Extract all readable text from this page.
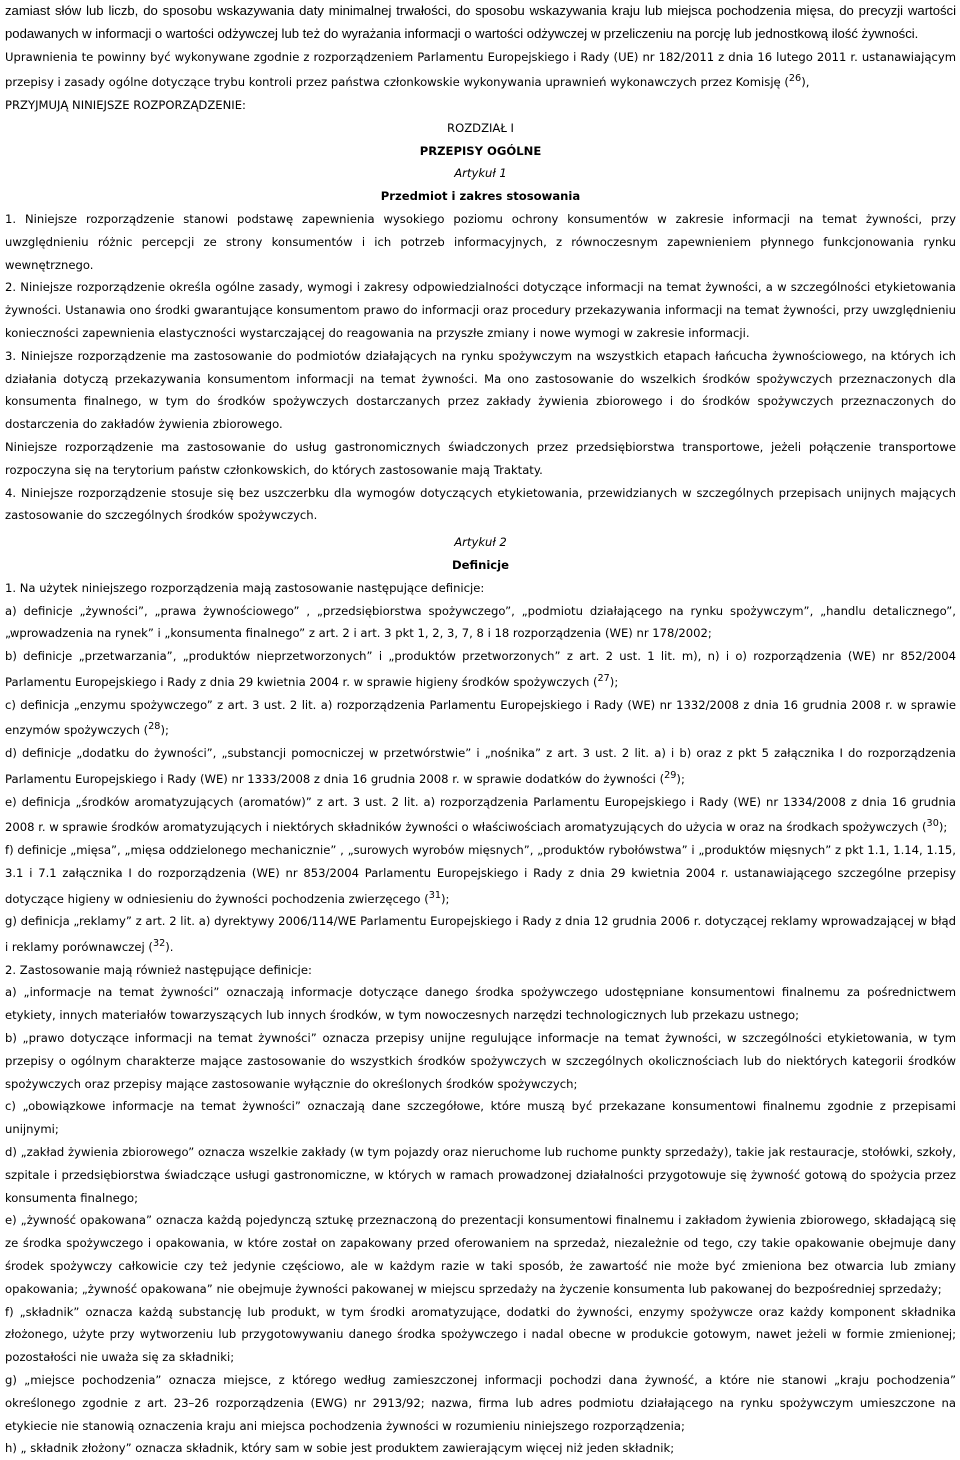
zamiast słów lub liczb, do sposobu wskazywania daty minimalnej trwałości, do sposobu wskazywania kraju lub miejsca pochodzenia mięsa, do precyzji wartości podawanych w informacji o wartości odżywczej lub też do wyrażania informacji o wartości odżywczej w przeliczeniu na porcję lub jednostkową ilość żywności.

Uprawnienia te powinny być wykonywane zgodnie z rozporządzeniem Parlamentu Europejskiego i Rady (UE) nr 182/2011 z dnia 16 lutego 2011 r. ustanawiającym przepisy i zasady ogólne dotyczące trybu kontroli przez państwa członkowskie wykonywania uprawnień wykonawczych przez Komisję ($^{26}$),

PRZYJMUJĄ NINIEJSZE ROZPORZĄDZENIE:

ROZDZIAŁ I

PRZEPISY OGÓLNE

Artykuł 1

Przedmiot i zakres stosowania

1. Niniejsze rozporządzenie stanowi podstawę zapewnienia wysokiego poziomu ochrony konsumentów w zakresie informacji na temat żywności, przy uwzględnieniu różnic percepcji ze strony konsumentów i ich potrzeb informacyjnych, z równoczesnym zapewnieniem płynnego funkcjonowania rynku wewnętrznego.

2. Niniejsze rozporządzenie określa ogólne zasady, wymogi i zakresy odpowiedzialności dotyczące informacji na temat żywności, a w szczególności etykietowania żywności. Ustanawia ono środki gwarantujące konsumentom prawo do informacji oraz procedury przekazywania informacji na temat żywności, przy uwzględnieniu konieczności zapewnienia elastyczności wystarczającej do reagowania na przyszłe zmiany i nowe wymogi w zakresie informacji.

3. Niniejsze rozporządzenie ma zastosowanie do podmiotów działających na rynku spożywczym na wszystkich etapach łańcucha żywnościowego, na których ich działania dotyczą przekazywania konsumentom informacji na temat żywności. Ma ono zastosowanie do wszelkich środków spożywczych przeznaczonych dla konsumenta finalnego, w tym do środków spożywczych dostarczanych przez zakłady żywienia zbiorowego i do środków spożywczych przeznaczonych do dostarczenia do zakładów żywienia zbiorowego.

Niniejsze rozporządzenie ma zastosowanie do usług gastronomicznych świadczonych przez przedsiębiorstwa transportowe, jeżeli połączenie transportowe rozpoczyna się na terytorium państw członkowskich, do których zastosowanie mają Traktaty.

4. Niniejsze rozporządzenie stosuje się bez uszczerbku dla wymogów dotyczących etykietowania, przewidzianych w szczególnych przepisach unijnych mających zastosowanie do szczególnych środków spożywczych.

Artykuł 2

Definicje

1. Na użytek niniejszego rozporządzenia mają zastosowanie następujące definicje:

a) definicje „żywności”, „prawa żywnościowego” , „przedsiębiorstwa spożywczego”, „podmiotu działającego na rynku spożywczym”, „handlu detalicznego”, „wprowadzenia na rynek” i „konsumenta finalnego” z art. 2 i art. 3 pkt 1, 2, 3, 7, 8 i 18 rozporządzenia (WE) nr 178/2002;

b) definicje „przetwarzania”, „produktów nieprzetworzonych” i „produktów przetworzonych” z art. 2 ust. 1 lit. m), n) i o) rozporządzenia (WE) nr 852/2004 Parlamentu Europejskiego i Rady z dnia 29 kwietnia 2004 r. w sprawie higieny środków spożywczych ($^{27}$);

c) definicja „enzymu spożywczego” z art. 3 ust. 2 lit. a) rozporządzenia Parlamentu Europejskiego i Rady (WE) nr 1332/2008 z dnia 16 grudnia 2008 r. w sprawie enzymów spożywczych ($^{28}$);

d) definicje „dodatku do żywności”, „substancji pomocniczej w przetwórstwie” i „nośnika” z art. 3 ust. 2 lit. a) i b) oraz z pkt 5 załącznika I do rozporządzenia Parlamentu Europejskiego i Rady (WE) nr 1333/2008 z dnia 16 grudnia 2008 r. w sprawie dodatków do żywności ($^{29}$);

e) definicja „środków aromatyzujących (aromatów)” z art. 3 ust. 2 lit. a) rozporządzenia Parlamentu Europejskiego i Rady (WE) nr 1334/2008 z dnia 16 grudnia 2008 r. w sprawie środków aromatyzujących i niektórych składników żywności o właściwościach aromatyzujących do użycia w oraz na środkach spożywczych ($^{30}$);

f) definicje „mięsa”, „mięsa oddzielonego mechanicznie” , „surowych wyrobów mięsnych”, „produktów rybołówstwa” i „produktów mięsnych” z pkt 1.1, 1.14, 1.15, 3.1 i 7.1 załącznika I do rozporządzenia (WE) nr 853/2004 Parlamentu Europejskiego i Rady z dnia 29 kwietnia 2004 r. ustanawiającego szczególne przepisy dotyczące higieny w odniesieniu do żywności pochodzenia zwierzęcego ($^{31}$);

g) definicja „reklamy” z art. 2 lit. a) dyrektywy 2006/114/WE Parlamentu Europejskiego i Rady z dnia 12 grudnia 2006 r. dotyczącej reklamy wprowadzającej w błąd i reklamy porównawczej ($^{32}$).

2. Zastosowanie mają również następujące definicje:

a) „informacje na temat żywności” oznaczają informacje dotyczące danego środka spożywczego udostępniane konsumentowi finalnemu za pośrednictwem etykiety, innych materiałów towarzyszących lub innych środków, w tym nowoczesnych narzędzi technologicznych lub przekazu ustnego;

b) „prawo dotyczące informacji na temat żywności” oznacza przepisy unijne regulujące informacje na temat żywności, w szczególności etykietowania, w tym przepisy o ogólnym charakterze mające zastosowanie do wszystkich środków spożywczych w szczególnych okolicznościach lub do niektórych kategorii środków spożywczych oraz przepisy mające zastosowanie wyłącznie do określonych środków spożywczych;

c) „obowiązkowe informacje na temat żywności” oznaczają dane szczegółowe, które muszą być przekazane konsumentowi finalnemu zgodnie z przepisami unijnymi;

d) „zakład żywienia zbiorowego” oznacza wszelkie zakłady (w tym pojazdy oraz nieruchome lub ruchome punkty sprzedaży), takie jak restauracje, stołówki, szkoły, szpitale i przedsiębiorstwa świadczące usługi gastronomiczne, w których w ramach prowadzonej działalności przygotowuje się żywność gotową do spożycia przez konsumenta finalnego;

e) „żywność opakowana” oznacza każdą pojedynczą sztukę przeznaczoną do prezentacji konsumentowi finalnemu i zakładom żywienia zbiorowego, składającą się ze środka spożywczego i opakowania, w które został on zapakowany przed oferowaniem na sprzedaż, niezależnie od tego, czy takie opakowanie obejmuje dany środek spożywczy całkowicie czy też jedynie częściowo, ale w każdym razie w taki sposób, że zawartość nie może być zmieniona bez otwarcia lub zmiany opakowania; „żywność opakowana” nie obejmuje żywności pakowanej w miejscu sprzedaży na życzenie konsumenta lub pakowanej do bezpośredniej sprzedaży;

f) „składnik” oznacza każdą substancję lub produkt, w tym środki aromatyzujące, dodatki do żywności, enzymy spożywcze oraz każdy komponent składnika złożonego, użyte przy wytworzeniu lub przygotowywaniu danego środka spożywczego i nadal obecne w produkcie gotowym, nawet jeżeli w formie zmienionej; pozostałości nie uważa się za składniki;

g) „miejsce pochodzenia” oznacza miejsce, z którego według zamieszczonej informacji pochodzi dana żywność, a które nie stanowi „kraju pochodzenia” określonego zgodnie z art. 23–26 rozporządzenia (EWG) nr 2913/92; nazwa, firma lub adres podmiotu działającego na rynku spożywczym umieszczone na etykiecie nie stanowią oznaczenia kraju ani miejsca pochodzenia żywności w rozumieniu niniejszego rozporządzenia;

h) „ składnik złożony” oznacza składnik, który sam w sobie jest produktem zawierającym więcej niż jeden składnik;
